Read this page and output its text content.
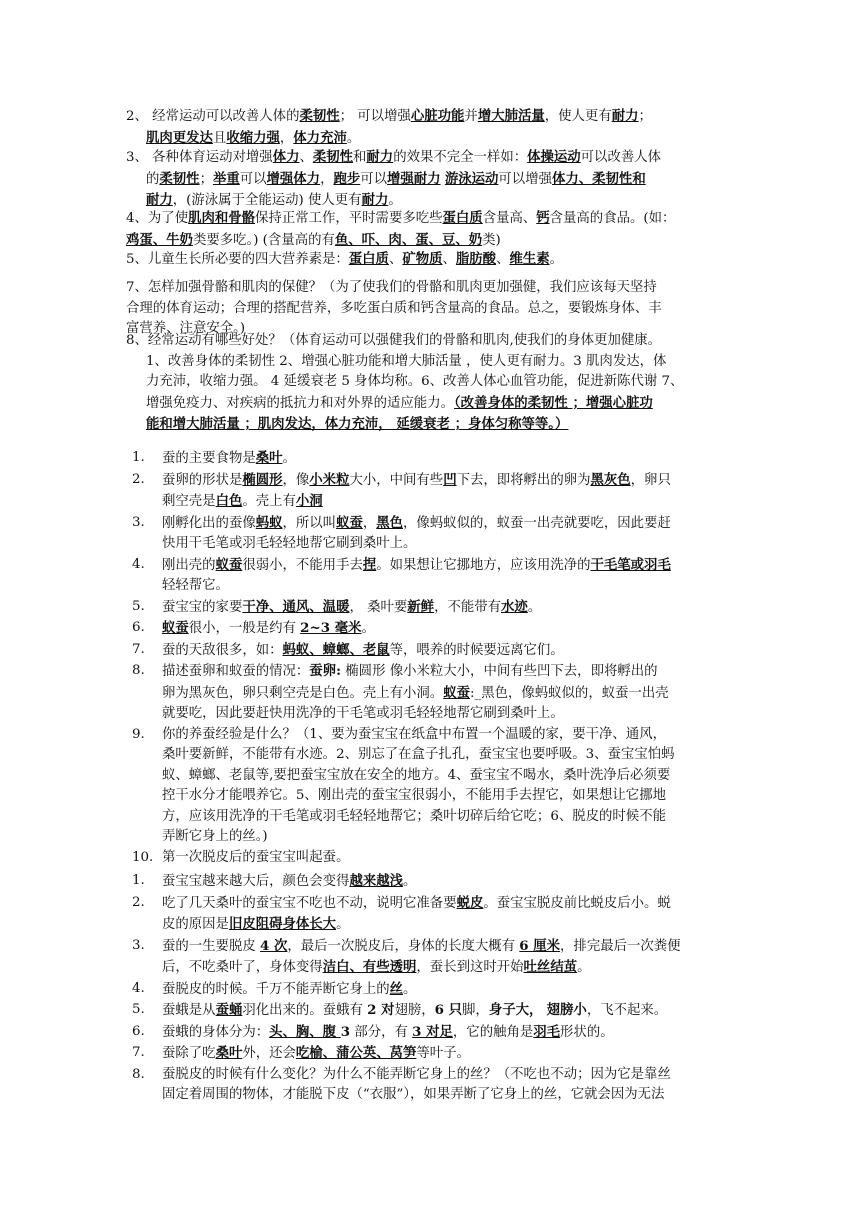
2、 经常运动可以改善人体的柔韧性； 可以增强心脏功能并增大肺活量，使人更有耐力；
肌肉更发达且收缩力强，体力充沛。
3、 各种体育运动对增强体力、柔韧性和耐力的效果不完全一样如：体操运动可以改善人体
的柔韧性；举重可以增强体力，跑步可以增强耐力 游泳运动可以增强体力、柔韧性和
耐力，(游泳属于全能运动) 使人更有耐力。
4、为了使肌肉和骨骼保持正常工作，平时需要多吃些蛋白质含量高、钙含量高的食品。(如：
鸡蛋、牛奶类要多吃。) (含量高的有鱼、吓、肉、蛋、豆、奶类)
5、儿童生长所必要的四大营养素是：蛋白质、矿物质、脂肪酸、维生素。
7、怎样加强骨骼和肌肉的保健？（为了使我们的骨骼和肌肉更加强健，我们应该每天坚持
合理的体育运动；合理的搭配营养，多吃蛋白质和钙含量高的食品。总之，要锻炼身体、丰
富营养、注意安全。)
8、经常运动有哪些好处？（体育运动可以强健我们的骨骼和肌肉,使我们的身体更加健康。
1、改善身体的柔韧性 2、增强心脏功能和增大肺活量 ，使人更有耐力。3 肌肉发达，体
力充沛，收缩力强。 4 延缓衰老 5 身体均称。6、改善人体心血管功能，促进新陈代谢 7、
增强免疫力、对疾病的抵抗力和对外界的适应能力。（改善身体的柔韧性 ；增强心脏功
能和增大肺活量 ；肌肉发达，体力充沛， 延缓衰老 ；身体匀称等等。）
1. 蚕的主要食物是桑叶。
2. 蚕卵的形状是椭圆形，像小米粒大小，中间有些凹下去，即将孵出的卵为黑灰色，卵只
剩空壳是白色。壳上有小洞
3. 刚孵化出的蚕像蚂蚁，所以叫蚁蚕，黑色，像蚂蚁似的，蚁蚕一出壳就要吃，因此要赶
快用干毛笔或羽毛轻轻地帮它刷到桑叶上。
4. 刚出壳的蚁蚕很弱小，不能用手去捏。如果想让它挪地方，应该用洗净的干毛笔或羽毛
轻轻帮它。
5. 蚕宝宝的家要干净、通风、温暖， 桑叶要新鲜，不能带有水迹。
6. 蚁蚕很小，一般是约有 2~3 毫米。
7. 蚕的天敌很多，如：蚂蚁、蟑螂、老鼠等，喂养的时候要远离它们。
8. 描述蚕卵和蚁蚕的情况：蚕卵: 椭圆形 像小米粒大小，中间有些凹下去，即将孵出的
卵为黑灰色，卵只剩空壳是白色。壳上有小洞。蚁蚕:_黑色，像蚂蚁似的，蚁蚕一出壳
就要吃，因此要赶快用洗净的干毛笔或羽毛轻轻地帮它刷到桑叶上。
9. 你的养蚕经验是什么？（1、要为蚕宝宝在纸盒中布置一个温暖的家，要干净、通风，
桑叶要新鲜，不能带有水迹。2、别忘了在盒子扎孔，蚕宝宝也要呼吸。3、蚕宝宝怕蚂
蚁、蟑螂、老鼠等,要把蚕宝宝放在安全的地方。4、蚕宝宝不喝水，桑叶洗净后必须要
控干水分才能喂养它。5、刚出壳的蚕宝宝很弱小，不能用手去捏它，如果想让它挪地
方，应该用洗净的干毛笔或羽毛轻轻地帮它；桑叶切碎后给它吃；6、脱皮的时候不能
弄断它身上的丝。)
10. 第一次脱皮后的蚕宝宝叫起蚕。
1. 蚕宝宝越来越大后，颜色会变得越来越浅。
2. 吃了几天桑叶的蚕宝宝不吃也不动，说明它准备要蜕皮。蚕宝宝脱皮前比蜕皮后小。蜕
皮的原因是旧皮阻碍身体长大。
3. 蚕的一生要脱皮 4 次，最后一次脱皮后，身体的长度大概有 6 厘米，排完最后一次粪便
后，不吃桑叶了，身体变得洁白、有些透明，蚕长到这时开始吐丝结茧。
4. 蚕脱皮的时候。千万不能弄断它身上的丝。
5. 蚕蛾是从蚕蛹羽化出来的。蚕蛾有 2 对翅膀，6 只脚，身子大， 翅膀小，飞不起来。
6. 蚕蛾的身体分为：头、胸、腹 3 部分，有 3 对足，它的触角是羽毛形状的。
7. 蚕除了吃桑叶外，还会吃榆、蒲公英、莴笋等叶子。
8. 蚕脱皮的时候有什么变化？为什么不能弄断它身上的丝？（不吃也不动；因为它是靠丝
固定着周围的物体，才能脱下皮（“衣服”），如果弄断了它身上的丝，它就会因为无法
